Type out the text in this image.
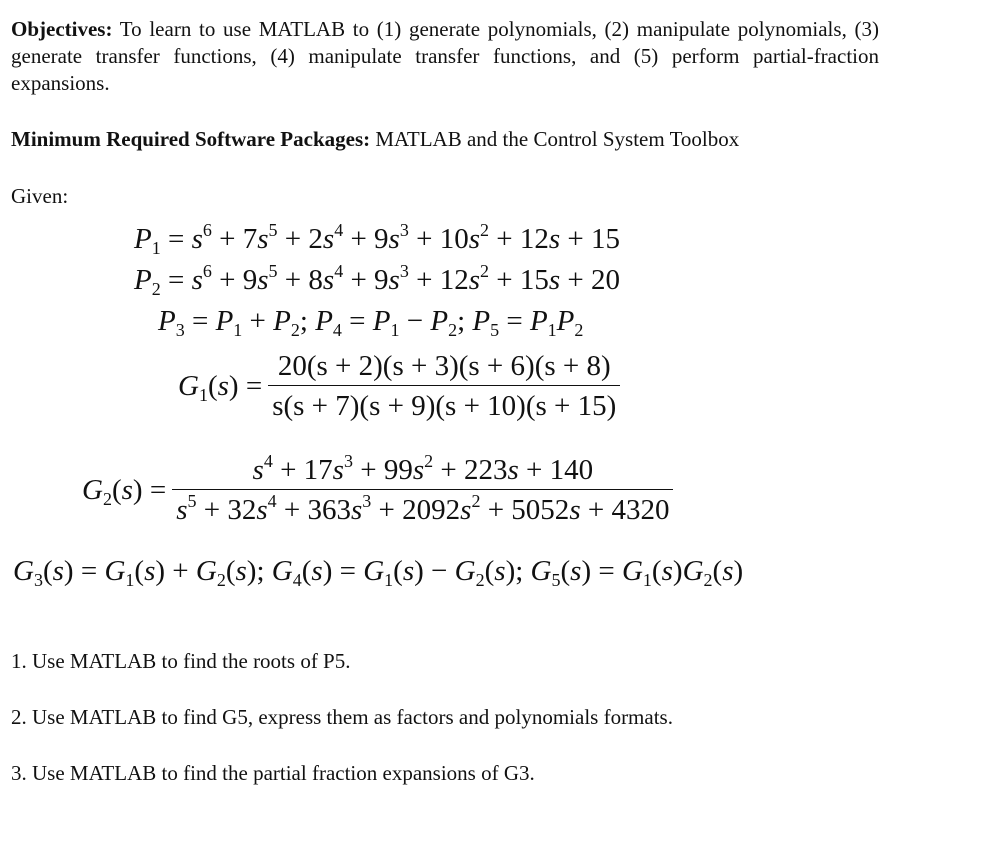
Objectives: To learn to use MATLAB to (1) generate polynomials, (2) manipulate polynomials, (3) generate transfer functions, (4) manipulate transfer functions, and (5) perform partial-fraction expansions.

Minimum Required Software Packages: MATLAB and the Control System Toolbox

Given:

$P_1 = s^6 + 7s^5 + 2s^4 + 9s^3 + 10s^2 + 12s + 15$
$P_2 = s^6 + 9s^5 + 8s^4 + 9s^3 + 12s^2 + 15s + 20$
$P_3 = P_1 + P_2$; $P_4 = P_1 - P_2$; $P_5 = P_1P_2$
$G_1(s) = \frac{20(s + 2)(s + 3)(s + 6)(s + 8)}{s(s + 7)(s + 9)(s + 10)(s + 15)}$
$G_2(s) = \frac{s^4 + 17s^3 + 99s^2 + 223s + 140}{s^5 + 32s^4 + 363s^3 + 2092s^2 + 5052s + 4320}$
$G_3(s) = G_1(s) + G_2(s)$; $G_4(s) = G_1(s) - G_2(s)$; $G_5(s) = G_1(s)G_2(s)$
1. Use MATLAB to find the roots of P5.
2. Use MATLAB to find G5, express them as factors and polynomials formats.
3. Use MATLAB to find the partial fraction expansions of G3.
